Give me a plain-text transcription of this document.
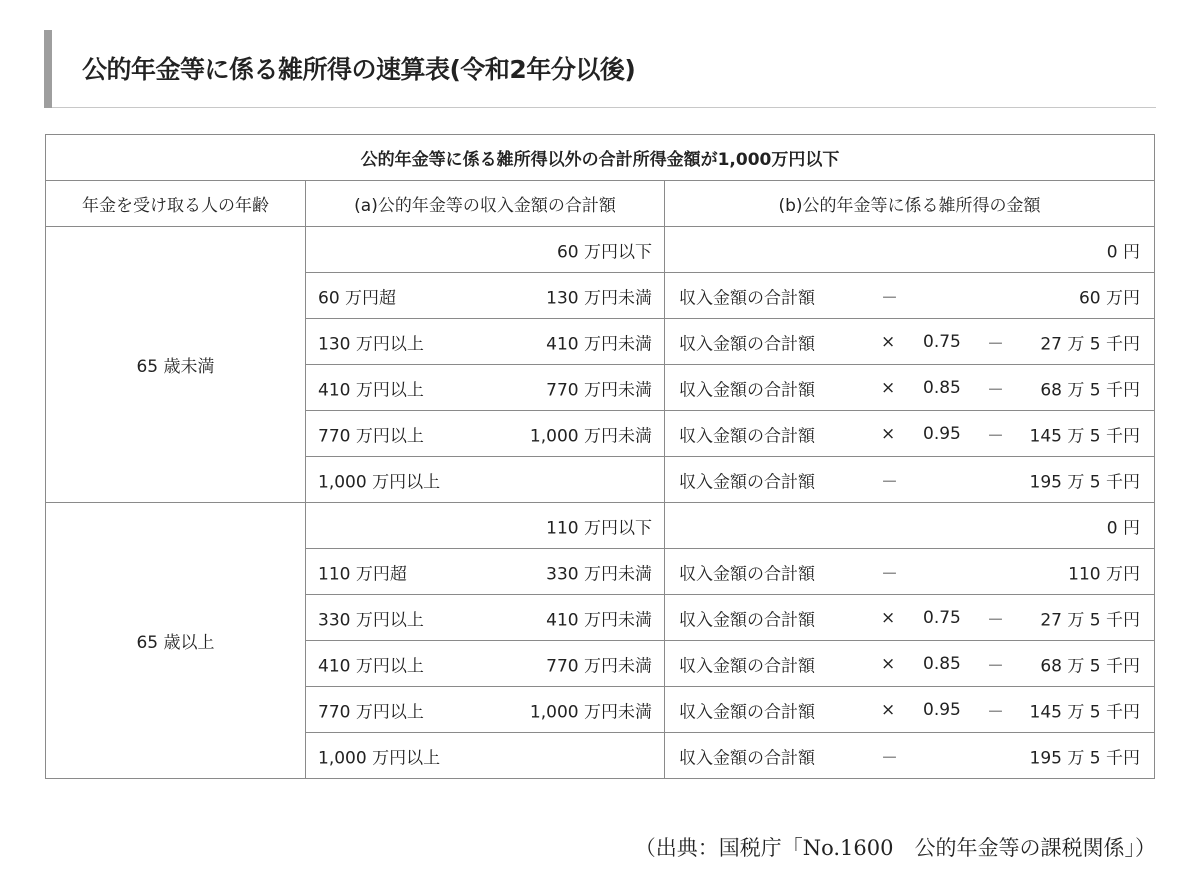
公的年金等に係る雑所得の速算表(令和2年分以後)
公的年金等に係る雑所得以外の合計所得金額が1,000万円以下		
年金を受け取る人の年齢	(a)公的年金等の収入金額の合計額	(b)公的年金等に係る雑所得の金額
65 歳未満	60 万円以下	0 円

	60 万円超 130 万円未満	収入金額の合計額 － 60 万円

	130 万円以上 410 万円未満	収入金額の合計額 × 0.75 － 27 万 5 千円

	410 万円以上 770 万円未満	収入金額の合計額 × 0.85 － 68 万 5 千円

	770 万円以上 1,000 万円未満	収入金額の合計額 × 0.95 － 145 万 5 千円

	1,000 万円以上	収入金額の合計額 － 195 万 5 千円

65 歳以上	110 万円以下	0 円

	110 万円超 330 万円未満	収入金額の合計額 － 110 万円

	330 万円以上 410 万円未満	収入金額の合計額 × 0.75 － 27 万 5 千円

	410 万円以上 770 万円未満	収入金額の合計額 × 0.85 － 68 万 5 千円

	770 万円以上 1,000 万円未満	収入金額の合計額 × 0.95 － 145 万 5 千円

	1,000 万円以上	収入金額の合計額 － 195 万 5 千円
（出典：国税庁「No.1600　公的年金等の課税関係」）
